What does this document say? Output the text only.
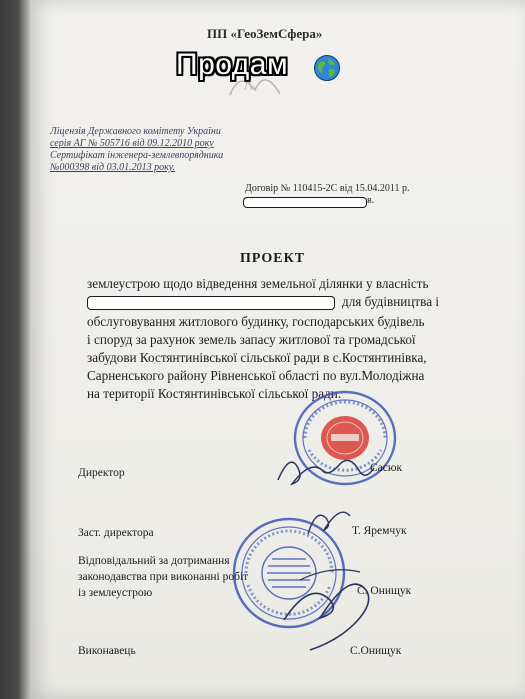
ПП «ГеоЗемСфера»
Продам
Ліцензія Державного комітету України
серія АГ № 505716 від 09.12.2010 року
Сертифікат інженера-землевпорядника
№000398 від 03.01.2013 року.
Договір № 110415-2С від 15.04.2011 р.
в.
ПРОЕКТ
землеустрою щодо відведення земельної ділянки у власність
для будівництва і
обслуговування житлового будинку, господарських будівель
і споруд за рахунок земель запасу житлової та громадської
забудови Костянтинівської сільської ради в с.Костянтинівка,
Сарненського району Рівненської області по вул.Молодіжна
на території Костянтинівської сільської ради.
Директор	Сасюк
Заст. директора	Т. Яремчук
Відповідальний за дотримання
законодавства при виконанні робіт
із землеустрою	С. Онищук
Виконавець	С.Онищук
